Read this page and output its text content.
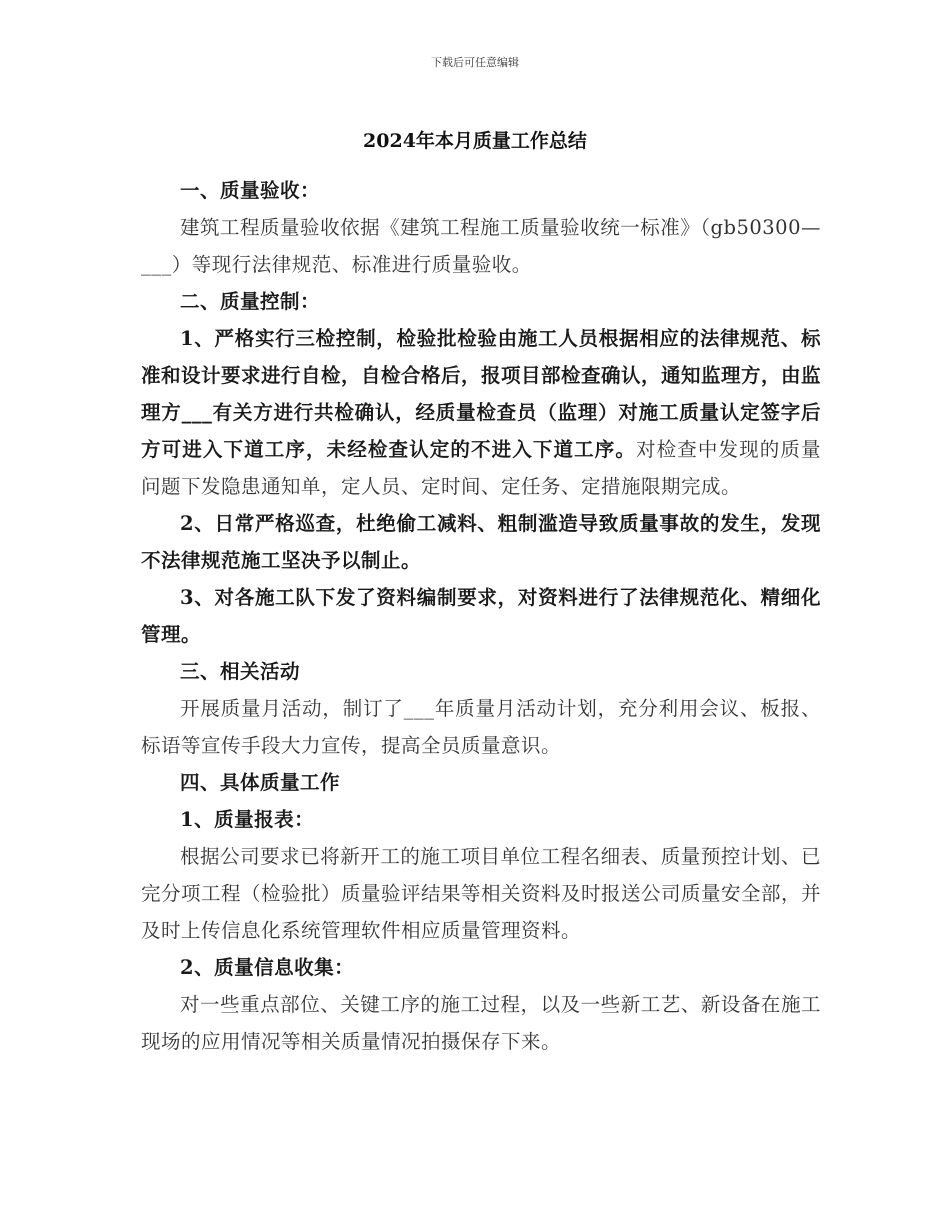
下载后可任意编辑
2024年本月质量工作总结

一、质量验收：

建筑工程质量验收依据《建筑工程施工质量验收统一标准》（gb50300—___）等现行法律规范、标准进行质量验收。

二、质量控制：

1、严格实行三检控制，检验批检验由施工人员根据相应的法律规范、标准和设计要求进行自检，自检合格后，报项目部检查确认，通知监理方，由监理方___有关方进行共检确认，经质量检查员（监理）对施工质量认定签字后方可进入下道工序，未经检查认定的不进入下道工序。对检查中发现的质量问题下发隐患通知单，定人员、定时间、定任务、定措施限期完成。

2、日常严格巡查，杜绝偷工减料、粗制滥造导致质量事故的发生，发现不法律规范施工坚决予以制止。

3、对各施工队下发了资料编制要求，对资料进行了法律规范化、精细化管理。

三、相关活动

开展质量月活动，制订了___年质量月活动计划，充分利用会议、板报、标语等宣传手段大力宣传，提高全员质量意识。

四、具体质量工作

1、质量报表：

根据公司要求已将新开工的施工项目单位工程名细表、质量预控计划、已完分项工程（检验批）质量验评结果等相关资料及时报送公司质量安全部，并及时上传信息化系统管理软件相应质量管理资料。

2、质量信息收集：

对一些重点部位、关键工序的施工过程，以及一些新工艺、新设备在施工现场的应用情况等相关质量情况拍摄保存下来。
